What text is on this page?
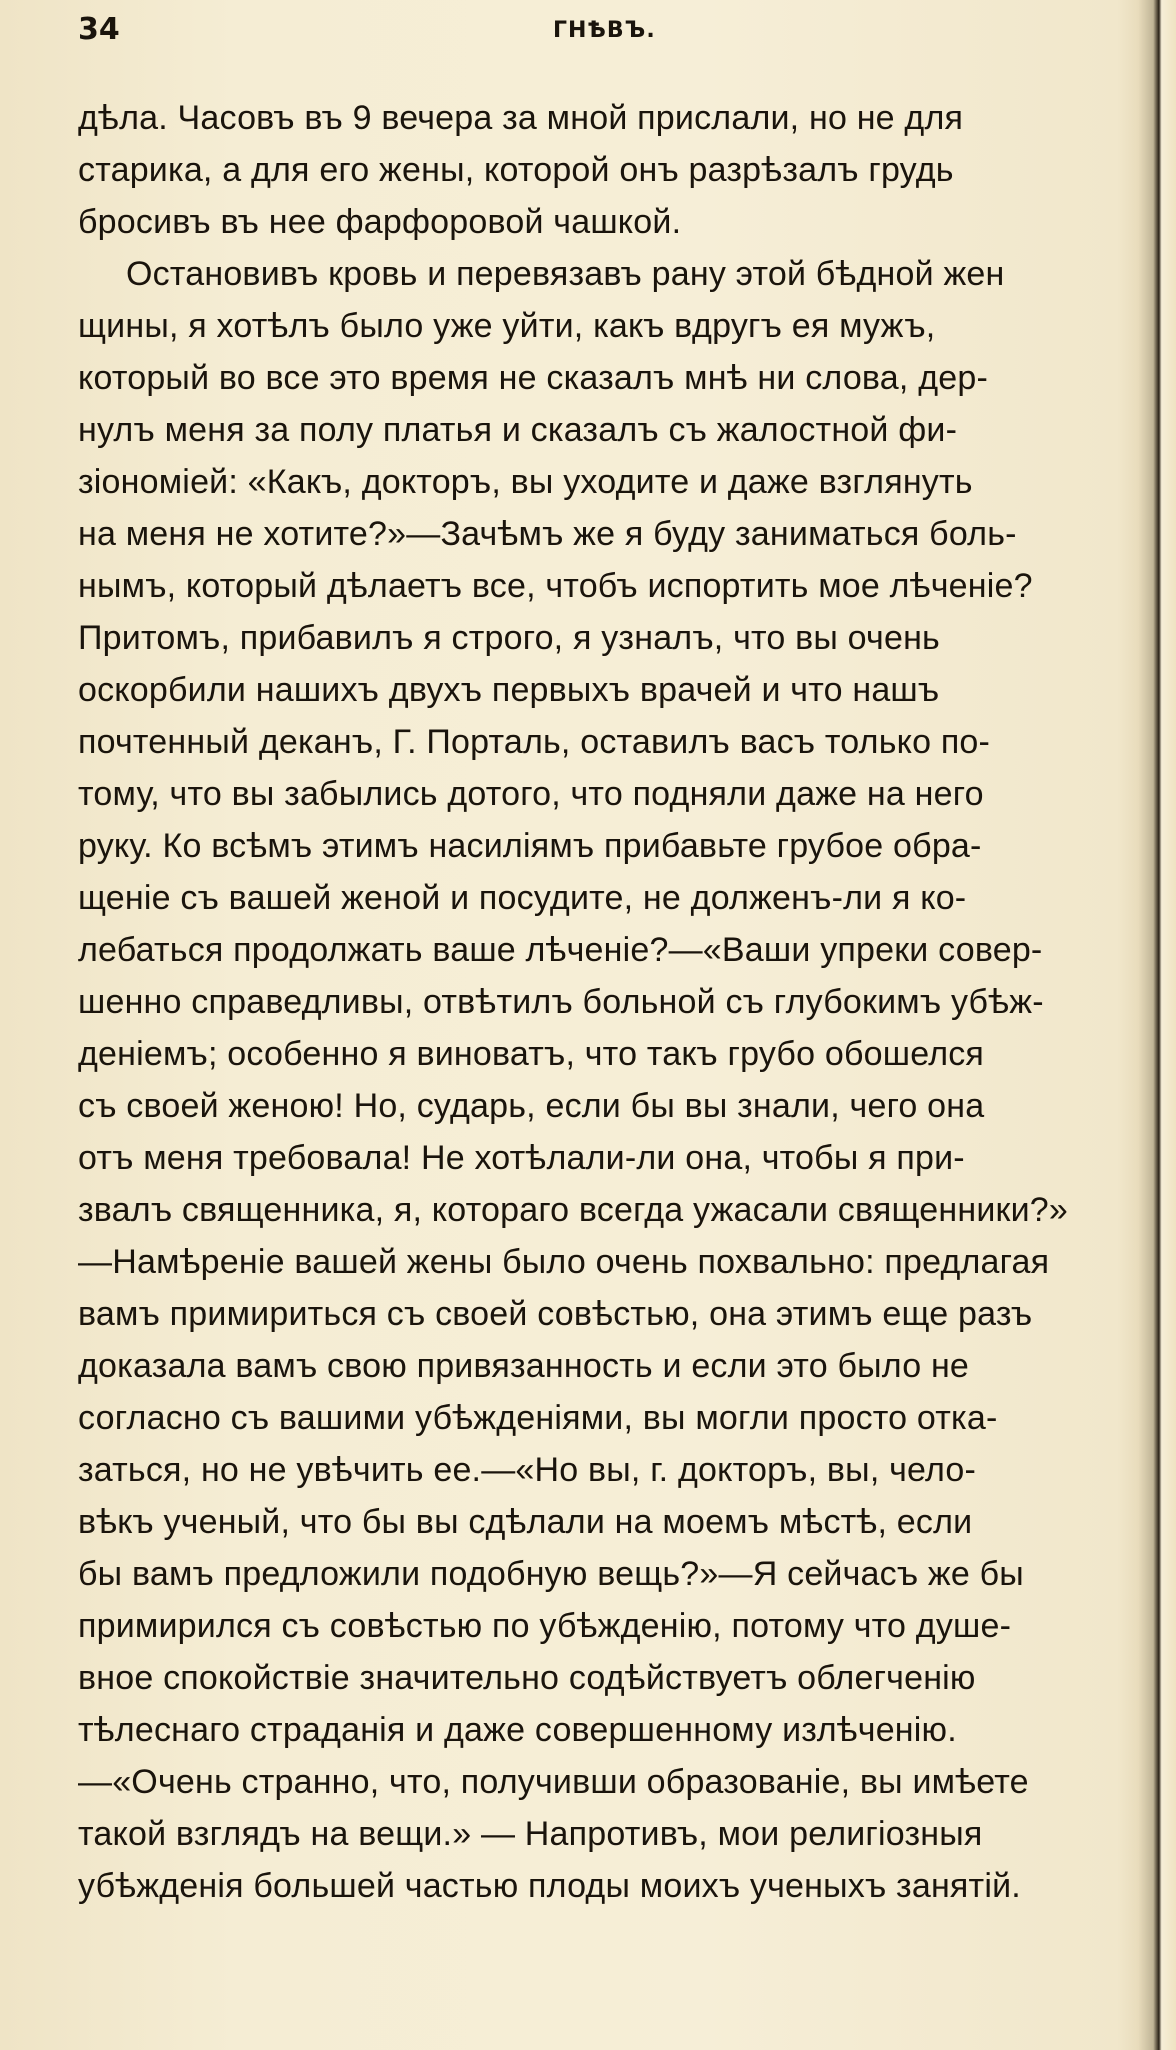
34	ГНѢВЪ.
дѣла. Часовъ въ 9 вечера за мной прислали, но не для
старика, а для его жены, которой онъ разрѣзалъ грудь
бросивъ въ нее фарфоровой чашкой.
Остановивъ кровь и перевязавъ рану этой бѣдной жен
щины, я хотѣлъ было уже уйти, какъ вдругъ ея мужъ,
который во все это время не сказалъ мнѣ ни слова, дер-
нулъ меня за полу платья и сказалъ съ жалостной фи-
зіономіей: «Какъ, докторъ, вы уходите и даже взглянуть
на меня не хотите?»—Зачѣмъ же я буду заниматься боль-
нымъ, который дѣлаетъ все, чтобъ испортить мое лѣченіе?
Притомъ, прибавилъ я строго, я узналъ, что вы очень
оскорбили нашихъ двухъ первыхъ врачей и что нашъ
почтенный деканъ, Г. Порталь, оставилъ васъ только по-
тому, что вы забылись дотого, что подняли даже на него
руку. Ко всѣмъ этимъ насиліямъ прибавьте грубое обра-
щеніе съ вашей женой и посудите, не долженъ-ли я ко-
лебаться продолжать ваше лѣченіе?—«Ваши упреки совер-
шенно справедливы, отвѣтилъ больной съ глубокимъ убѣж-
деніемъ; особенно я виноватъ, что такъ грубо обошелся
съ своей женою! Но, сударь, если бы вы знали, чего она
отъ меня требовала! Не хотѣлали-ли она, чтобы я при-
звалъ священника, я, котораго всегда ужасали священники?»
—Намѣреніе вашей жены было очень похвально: предлагая
вамъ примириться съ своей совѣстью, она этимъ еще разъ
доказала вамъ свою привязанность и если это было не
согласно съ вашими убѣжденіями, вы могли просто отка-
заться, но не увѣчить ее.—«Но вы, г. докторъ, вы, чело-
вѣкъ ученый, что бы вы сдѣлали на моемъ мѣстѣ, если
бы вамъ предложили подобную вещь?»—Я сейчасъ же бы
примирился съ совѣстью по убѣжденію, потому что душе-
вное спокойствіе значительно содѣйствуетъ облегченію
тѣлеснаго страданія и даже совершенному излѣченію.
—«Очень странно, что, получивши образованіе, вы имѣете
такой взглядъ на вещи.» — Напротивъ, мои религіозныя
убѣжденія большей частью плоды моихъ ученыхъ занятій.
